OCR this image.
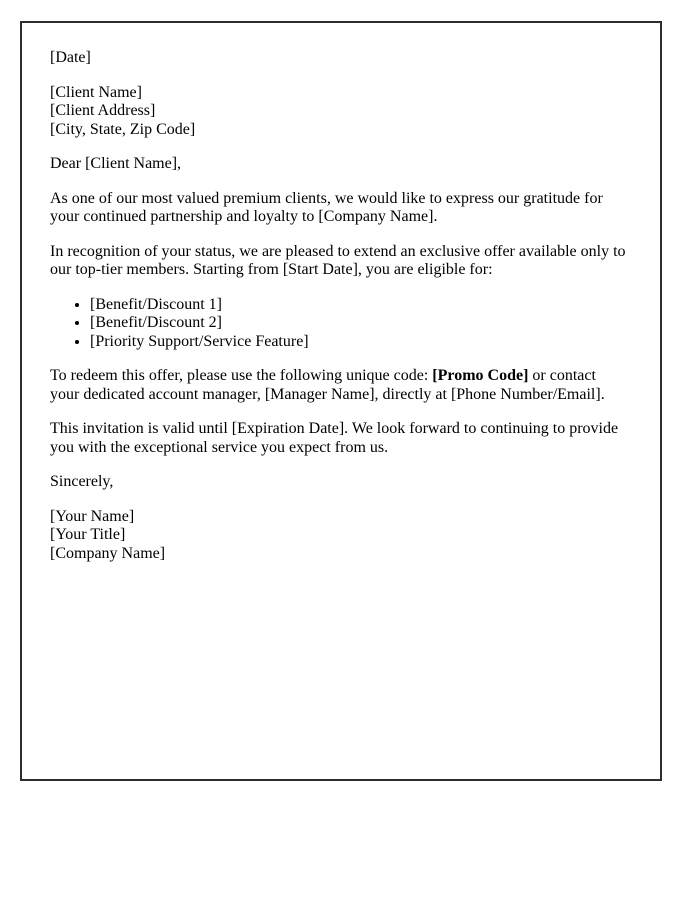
[Date]

[Client Name]
[Client Address]
[City, State, Zip Code]

Dear [Client Name],

As one of our most valued premium clients, we would like to express our gratitude for your continued partnership and loyalty to [Company Name].

In recognition of your status, we are pleased to extend an exclusive offer available only to our top-tier members. Starting from [Start Date], you are eligible for:

• [Benefit/Discount 1]
• [Benefit/Discount 2]
• [Priority Support/Service Feature]

To redeem this offer, please use the following unique code: [Promo Code] or contact your dedicated account manager, [Manager Name], directly at [Phone Number/Email].

This invitation is valid until [Expiration Date]. We look forward to continuing to provide you with the exceptional service you expect from us.

Sincerely,

[Your Name]
[Your Title]
[Company Name]
